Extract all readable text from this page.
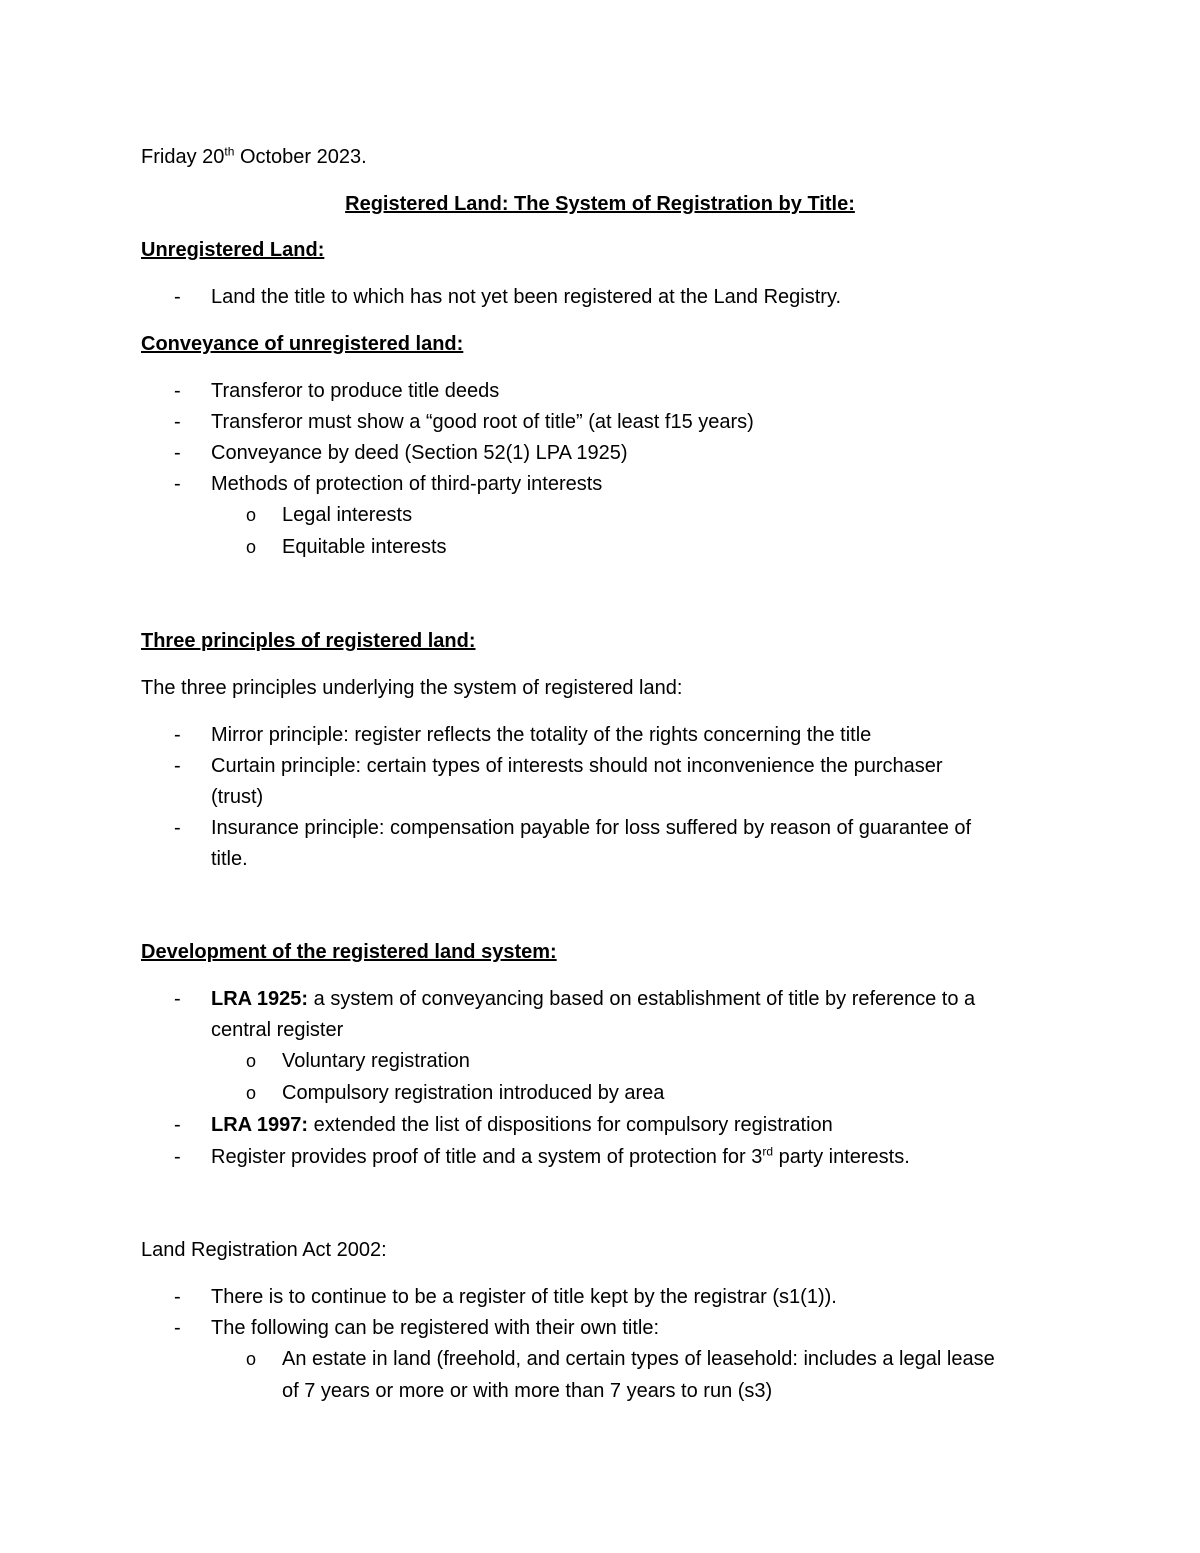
Friday 20th October 2023.
Registered Land: The System of Registration by Title:
Unregistered Land:
- Land the title to which has not yet been registered at the Land Registry.
Conveyance of unregistered land:
- Transferor to produce title deeds
- Transferor must show a “good root of title” (at least f15 years)
- Conveyance by deed (Section 52(1) LPA 1925)
- Methods of protection of third-party interests
o Legal interests
o Equitable interests
Three principles of registered land:
The three principles underlying the system of registered land:
- Mirror principle: register reflects the totality of the rights concerning the title
- Curtain principle: certain types of interests should not inconvenience the purchaser
(trust)
- Insurance principle: compensation payable for loss suffered by reason of guarantee of
title.
Development of the registered land system:
- LRA 1925: a system of conveyancing based on establishment of title by reference to a
central register
o Voluntary registration
o Compulsory registration introduced by area
- LRA 1997: extended the list of dispositions for compulsory registration
- Register provides proof of title and a system of protection for 3rd party interests.
Land Registration Act 2002:
- There is to continue to be a register of title kept by the registrar (s1(1)).
- The following can be registered with their own title:
o An estate in land (freehold, and certain types of leasehold: includes a legal lease
of 7 years or more or with more than 7 years to run (s3)
